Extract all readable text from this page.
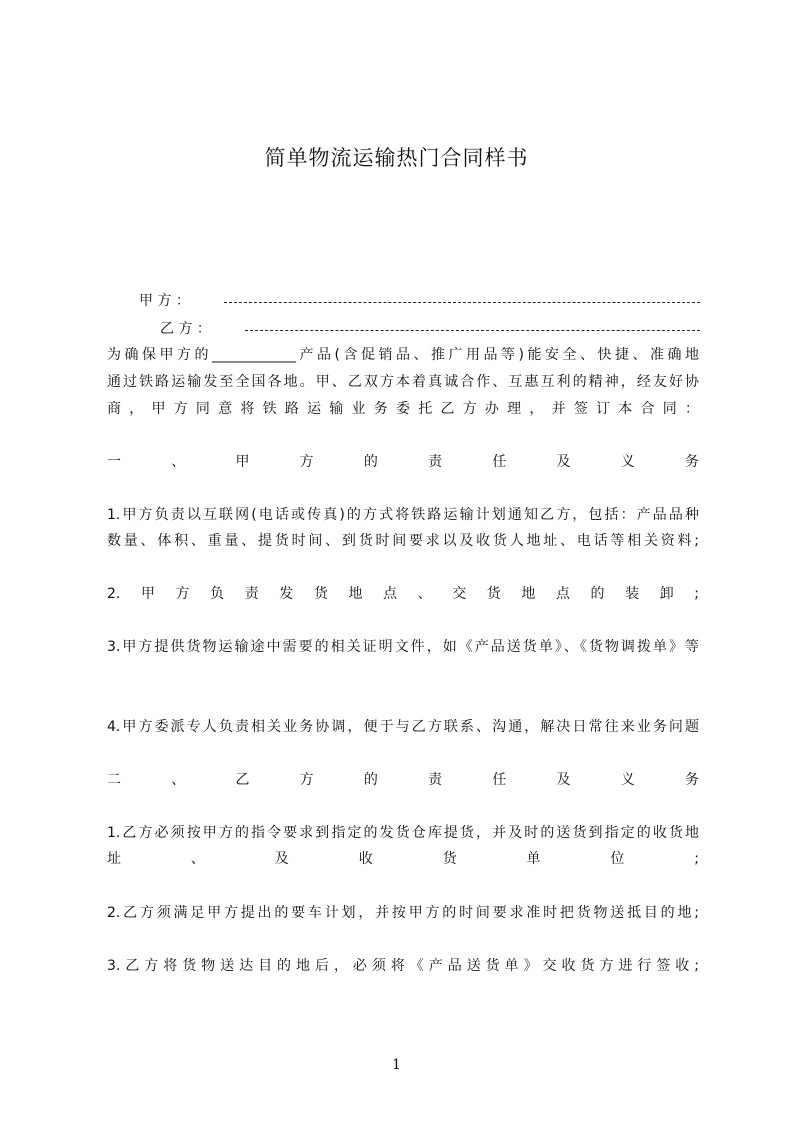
简单物流运输热门合同样书
甲 方 ：
乙 方 ：
为确保甲方的____________产品(含促销品、推广用品等)能安全、快捷、准确地
通过铁路运输发至全国各地。甲、乙双方本着真诚合作、互惠互利的精神，经友好协
商，甲方同意将铁路运输业务委托乙方办理，并签订本合同：
一、甲方的责任及义务
1.甲方负责以互联网(电话或传真)的方式将铁路运输计划通知乙方，包括：产品品种
数量、体积、重量、提货时间、到货时间要求以及收货人地址、电话等相关资料;
2.甲方负责发货地点、交货地点的装卸;
3.甲方提供货物运输途中需要的相关证明文件，如《产品送货单》、《货物调拨单》等
4.甲方委派专人负责相关业务协调，便于与乙方联系、沟通，解决日常往来业务问题
二、乙方的责任及义务
1.乙方必须按甲方的指令要求到指定的发货仓库提货，并及时的送货到指定的收货地
址、及收货单位;
2.乙方须满足甲方提出的要车计划，并按甲方的时间要求准时把货物送抵目的地;
3.乙方将货物送达目的地后，必须将《产品送货单》交收货方进行签收;
1
